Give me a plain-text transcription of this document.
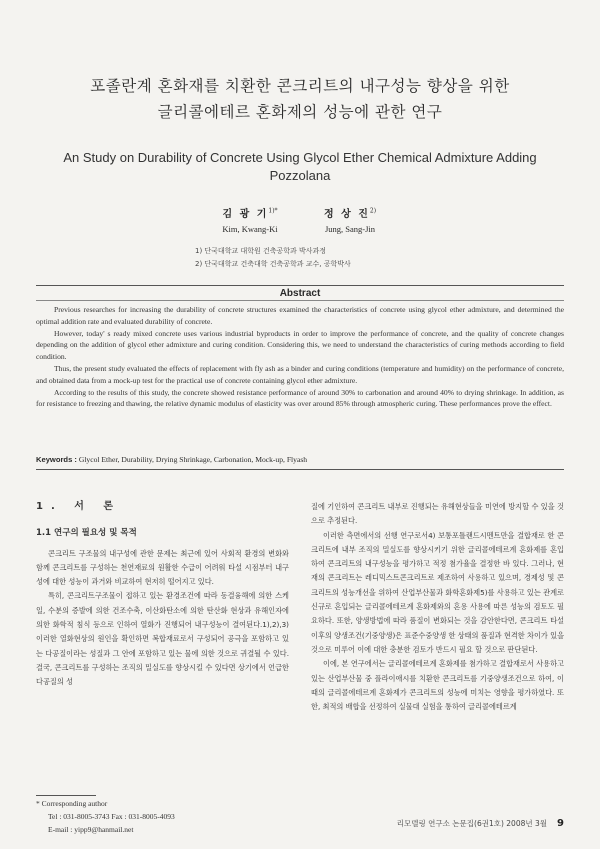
포졸란계 혼화재를 치환한 콘크리트의 내구성능 향상을 위한
글리콜에테르 혼화제의 성능에 관한 연구
An Study on Durability of Concrete Using Glycol Ether Chemical Admixture Adding
Pozzolana
김 광 기$^{1)*}$
Kim, Kwang-Ki
정 상 진$^{2)}$
Jung, Sang-Jin
1) 단국대학교 대학원 건축공학과 박사과정
2) 단국대학교 건축대학 건축공학과 교수, 공학박사
Abstract

Previous researches for increasing the durability of concrete structures examined the characteristics of concrete using glycol ether admixture, and determined the optimal addition rate and evaluated durability of concrete.

However, today' s ready mixed concrete uses various industrial byproducts in order to improve the performance of concrete, and the quality of concrete changes depending on the addition of glycol ether admixture and curing condition. Considering this, we need to understand the characteristics of curing methods according to field condition.

Thus, the present study evaluated the effects of replacement with fly ash as a binder and curing conditions (temperature and humidity) on the performance of concrete, and obtained data from a mock-up test for the practical use of concrete containing glycol ether admixture.

According to the results of this study, the concrete showed resistance performance of around 30% to carbonation and around 40% to drying shrinkage. In addition, as for resistance to freezing and thawing, the relative dynamic modulus of elasticity was over around 85% through atmospheric curing. These performances prove the effect.

Keywords : Glycol Ether, Durability, Drying Shrinkage, Carbonation, Mock-up, Flyash
1. 서 론
1.1 연구의 필요성 및 목적

콘크리트 구조물의 내구성에 관한 문제는 최근에 있어 사회적 환경의 변화와 함께 콘크리트를 구성하는 천연재료의 원활한 수급이 어려워 타설 시점부터 내구성에 대한 성능이 과거와 비교하여 현저히 떨어지고 있다.

특히, 콘크리트구조물이 접하고 있는 환경조건에 따라 동결융해에 의한 스케일, 수분의 증발에 의한 건조수축, 이산화탄소에 의한 탄산화 현상과 유해인자에 의한 화학적 침식 등으로 인하여 열화가 진행되어 내구성능이 결여된다.1),2),3) 이러한 열화현상의 원인을 확인하면 복합재료로서 구성되어 공극을 포함하고 있는 다공질이라는 성질과 그 안에 포함하고 있는 물에 의한 것으로 귀결될 수 있다. 결국, 콘크리트를 구성하는 조직의 밀실도를 향상시킬 수 있다면 상기에서 언급한 다공질의 성

질에 기인하여 콘크리트 내부로 진행되는 유해현상들을 미연에 방지할 수 있을 것으로 추정된다.

이러한 측면에서의 선행 연구로서4) 보통포틀랜드시멘트만을 결합재로 한 콘크리트에 내부 조직의 밀실도를 향상시키기 위한 글리콜에테르계 혼화제를 혼입하여 콘크리트의 내구성능을 평가하고 적정 첨가율을 결정한 바 있다. 그러나, 현재의 콘크리트는 레디믹스트콘크리트로 제조하여 사용하고 있으며, 경제성 및 콘크리트의 성능개선을 위하여 산업부산물과 화학혼화제5)를 사용하고 있는 관계로 신규로 혼입되는 글리콜에테르계 혼화제와의 혼용 사용에 따른 성능의 검토도 필요하다. 또한, 양생방법에 따라 품질이 변화되는 것을 감안한다면, 콘크리트 타설 이후의 양생조건(기중양생)은 표준수중양생 한 상태의 품질과 현격한 차이가 있을 것으로 미루어 이에 대한 충분한 검토가 반드시 필요 할 것으로 판단된다.

이에, 본 연구에서는 글리콜에테르계 혼화제를 첨가하고 결합재로서 사용하고 있는 산업부산물 중 플라이애시를 치환한 콘크리트를 기중양생조건으로 하여, 이때의 글리콜에테르계 혼화제가 콘크리트의 성능에 미치는 영향을 평가하였다. 또한, 최적의 배합을 선정하여 실물대 실험을 통하여 글리콜에테르계

* Corresponding author
Tel : 031-8005-3743 Fax : 031-8005-4093
E-mail : yipp9@hanmail.net
리모델링 연구소 논문집(6권1호) 2008년 3월 9
